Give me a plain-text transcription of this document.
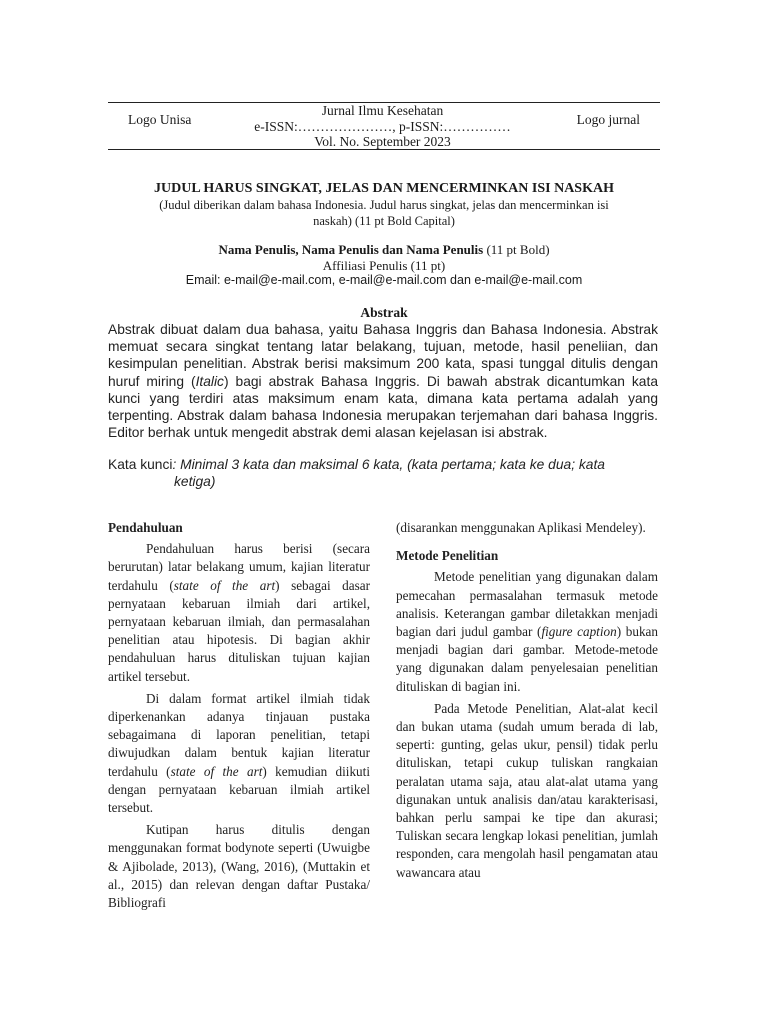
Logo Unisa
Jurnal Ilmu Kesehatan
e-ISSN:…………………, p-ISSN:……………
Vol. No. September 2023
Logo jurnal
JUDUL HARUS SINGKAT, JELAS DAN MENCERMINKAN ISI NASKAH
(Judul diberikan dalam bahasa Indonesia. Judul harus singkat, jelas dan mencerminkan isi
naskah) (11 pt Bold Capital)
Nama Penulis, Nama Penulis dan Nama Penulis (11 pt Bold)
Affiliasi Penulis (11 pt)
Email: e-mail@e-mail.com, e-mail@e-mail.com dan e-mail@e-mail.com
Abstrak
Abstrak dibuat dalam dua bahasa, yaitu Bahasa Inggris dan Bahasa Indonesia. Abstrak memuat secara singkat tentang latar belakang, tujuan, metode, hasil peneliian, dan kesimpulan penelitian. Abstrak berisi maksimum 200 kata, spasi tunggal ditulis dengan huruf miring (Italic) bagi abstrak Bahasa Inggris. Di bawah abstrak dicantumkan kata kunci yang terdiri atas maksimum enam kata, dimana kata pertama adalah yang terpenting. Abstrak dalam bahasa Indonesia merupakan terjemahan dari bahasa Inggris. Editor berhak untuk mengedit abstrak demi alasan kejelasan isi abstrak.
Kata kunci: Minimal 3 kata dan maksimal 6 kata, (kata pertama; kata ke dua; kata
ketiga)
Pendahuluan

Pendahuluan harus berisi (secara berurutan) latar belakang umum, kajian literatur terdahulu (state of the art) sebagai dasar pernyataan kebaruan ilmiah dari artikel, pernyataan kebaruan ilmiah, dan permasalahan penelitian atau hipotesis. Di bagian akhir pendahuluan harus dituliskan tujuan kajian artikel tersebut.

Di dalam format artikel ilmiah tidak diperkenankan adanya tinjauan pustaka sebagaimana di laporan penelitian, tetapi diwujudkan dalam bentuk kajian literatur terdahulu (state of the art) kemudian diikuti dengan pernyataan kebaruan ilmiah artikel tersebut.

Kutipan harus ditulis dengan menggunakan format bodynote seperti (Uwuigbe & Ajibolade, 2013), (Wang, 2016), (Muttakin et al., 2015) dan relevan dengan daftar Pustaka/ Bibliografi

(disarankan menggunakan Aplikasi Mendeley).

Metode Penelitian

Metode penelitian yang digunakan dalam pemecahan permasalahan termasuk metode analisis. Keterangan gambar diletakkan menjadi bagian dari judul gambar (figure caption) bukan menjadi bagian dari gambar. Metode-metode yang digunakan dalam penyelesaian penelitian dituliskan di bagian ini.

Pada Metode Penelitian, Alat-alat kecil dan bukan utama (sudah umum berada di lab, seperti: gunting, gelas ukur, pensil) tidak perlu dituliskan, tetapi cukup tuliskan rangkaian peralatan utama saja, atau alat-alat utama yang digunakan untuk analisis dan/atau karakterisasi, bahkan perlu sampai ke tipe dan akurasi; Tuliskan secara lengkap lokasi penelitian, jumlah responden, cara mengolah hasil pengamatan atau wawancara atau
